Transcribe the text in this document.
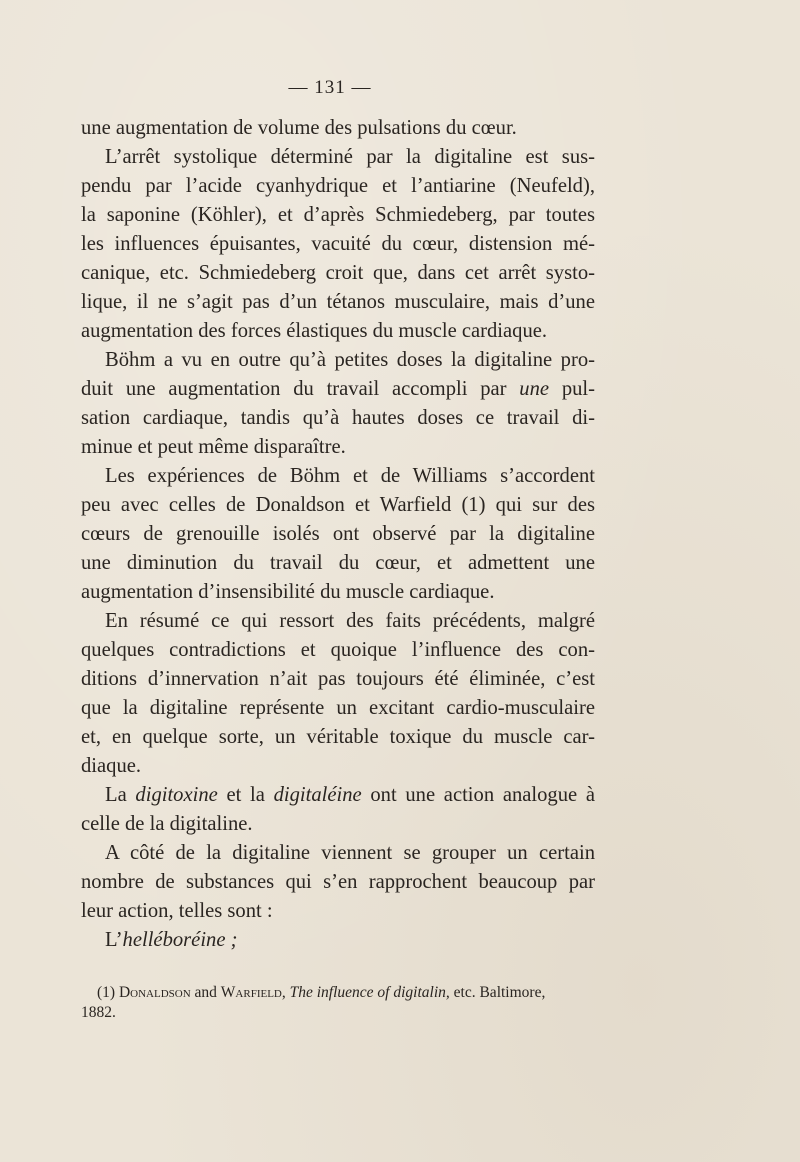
— 131 —
une augmentation de volume des pulsations du cœur.
L’arrêt systolique déterminé par la digitaline est sus-
pendu par l’acide cyanhydrique et l’antiarine (Neufeld),
la saponine (Köhler), et d’après Schmiedeberg, par toutes
les influences épuisantes, vacuité du cœur, distension mé-
canique, etc. Schmiedeberg croit que, dans cet arrêt systo-
lique, il ne s’agit pas d’un tétanos musculaire, mais d’une
augmentation des forces élastiques du muscle cardiaque.
Böhm a vu en outre qu’à petites doses la digitaline pro-
duit une augmentation du travail accompli par une pul-
sation cardiaque, tandis qu’à hautes doses ce travail di-
minue et peut même disparaître.
Les expériences de Böhm et de Williams s’accordent
peu avec celles de Donaldson et Warfield (1) qui sur des
cœurs de grenouille isolés ont observé par la digitaline
une diminution du travail du cœur, et admettent une
augmentation d’insensibilité du muscle cardiaque.
En résumé ce qui ressort des faits précédents, malgré
quelques contradictions et quoique l’influence des con-
ditions d’innervation n’ait pas toujours été éliminée, c’est
que la digitaline représente un excitant cardio-musculaire
et, en quelque sorte, un véritable toxique du muscle car-
diaque.
La digitoxine et la digitaléine ont une action analogue à
celle de la digitaline.
A côté de la digitaline viennent se grouper un certain
nombre de substances qui s’en rapprochent beaucoup par
leur action, telles sont :
L’helléboréine ;
(1) Donaldson and Warfield, The influence of digitalin, etc. Baltimore,
1882.
